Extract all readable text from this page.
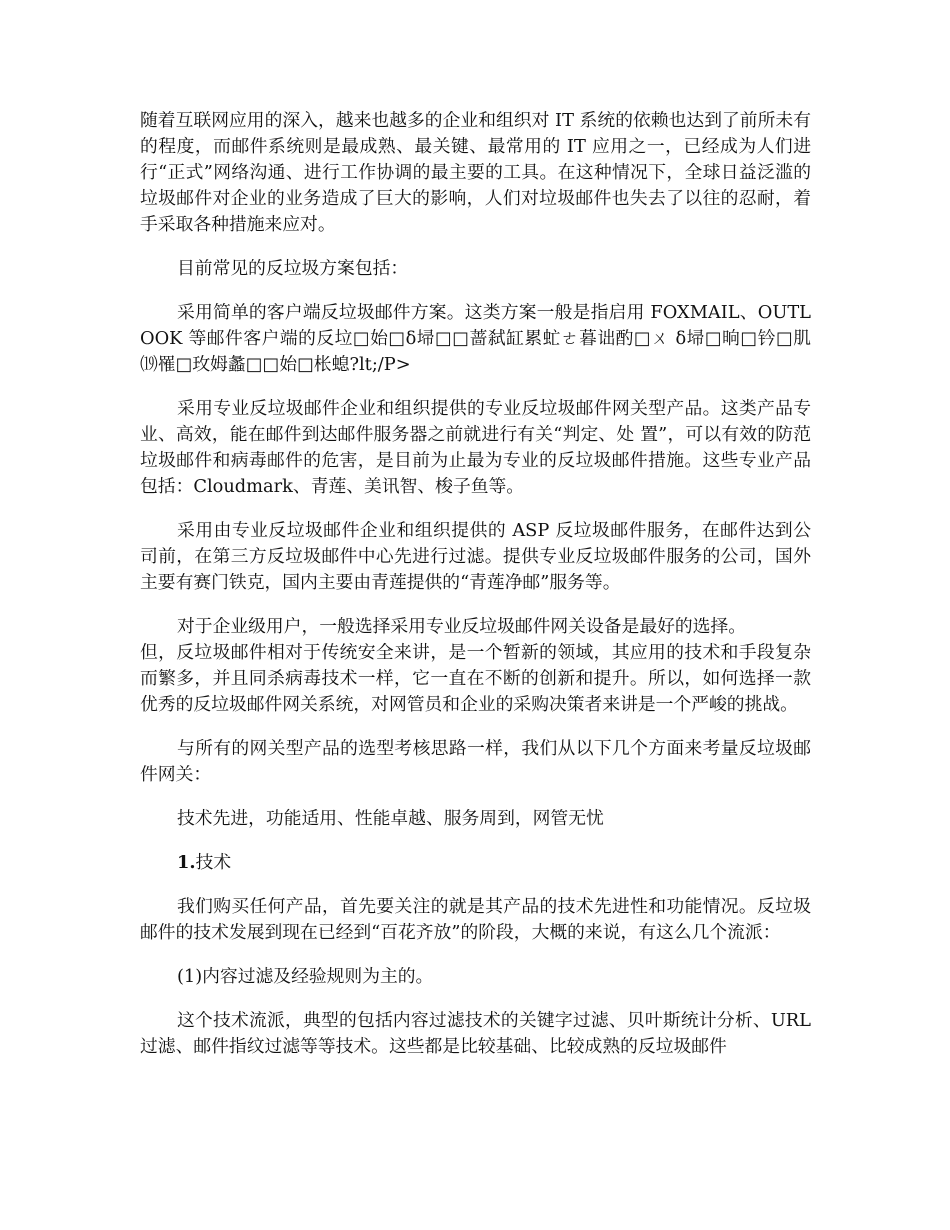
随着互联网应用的深入，越来也越多的企业和组织对 IT 系统的依赖也达到了前所未有的程度，而邮件系统则是最成熟、最关键、最常用的 IT 应用之一，已经成为人们进行“正式”网络沟通、进行工作协调的最主要的工具。在这种情况下，全球日益泛滥的垃圾邮件对企业的业务造成了巨大的影响，人们对垃圾邮件也失去了以往的忍耐，着手采取各种措施来应对。

目前常见的反垃圾方案包括：

采用简单的客户端反垃圾邮件方案。这类方案一般是指启用 FOXMAIL、OUTLOOK 等邮件客户端的反垃□始□δ埽□□蔷弑缸累虻ㄜ暮诎酌□ㄨ δ埽□晌□钤□肌⒆罹□玫姆蠡□□始□枨螅?lt;/P>

采用专业反垃圾邮件企业和组织提供的专业反垃圾邮件网关型产品。这类产品专业、高效，能在邮件到达邮件服务器之前就进行有关“判定、处 置”，可以有效的防范垃圾邮件和病毒邮件的危害，是目前为止最为专业的反垃圾邮件措施。这些专业产品包括：Cloudmark、青莲、美讯智、梭子鱼等。

采用由专业反垃圾邮件企业和组织提供的 ASP 反垃圾邮件服务，在邮件达到公司前，在第三方反垃圾邮件中心先进行过滤。提供专业反垃圾邮件服务的公司，国外主要有赛门铁克，国内主要由青莲提供的“青莲净邮”服务等。

对于企业级用户，一般选择采用专业反垃圾邮件网关设备是最好的选择。

但，反垃圾邮件相对于传统安全来讲，是一个暂新的领域，其应用的技术和手段复杂而繁多，并且同杀病毒技术一样，它一直在不断的创新和提升。所以，如何选择一款优秀的反垃圾邮件网关系统，对网管员和企业的采购决策者来讲是一个严峻的挑战。

与所有的网关型产品的选型考核思路一样，我们从以下几个方面来考量反垃圾邮件网关：

技术先进，功能适用、性能卓越、服务周到，网管无忧

1.技术

我们购买任何产品，首先要关注的就是其产品的技术先进性和功能情况。反垃圾邮件的技术发展到现在已经到“百花齐放”的阶段，大概的来说，有这么几个流派：

(1)内容过滤及经验规则为主的。

这个技术流派，典型的包括内容过滤技术的关键字过滤、贝叶斯统计分析、URL 过滤、邮件指纹过滤等等技术。这些都是比较基础、比较成熟的反垃圾邮件
